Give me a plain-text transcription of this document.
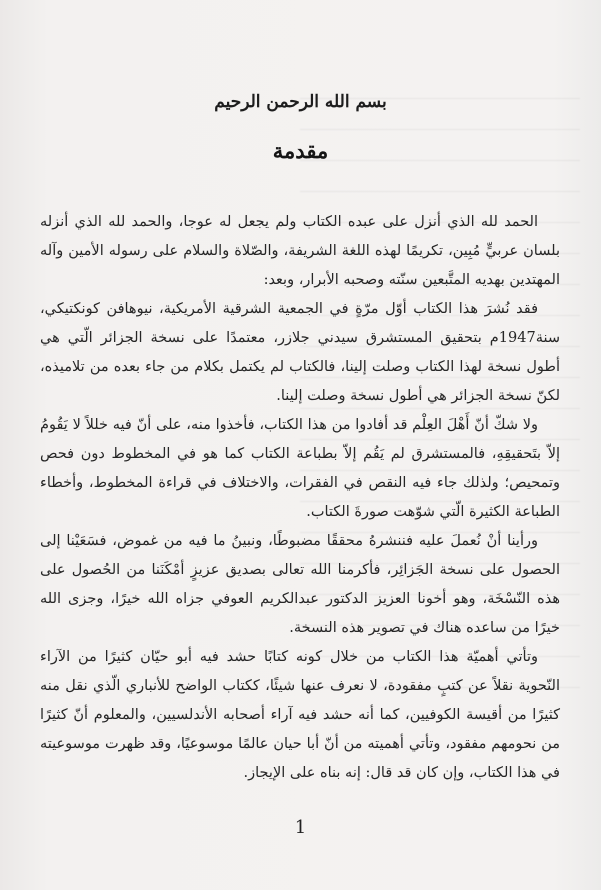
بسم الله الرحمن الرحيم
مقدمة

الحمد لله الذي أنزل على عبده الكتاب ولم يجعل له عوجا، والحمد لله الذي أنزله بلسان عربيٍّ مُبِين، تكريمًا لهذه اللغة الشريفة، والصّلاة والسلام على رسوله الأمين وآله المهتدين بهديه المتَّبعين سنّته وصحبه الأبرار، وبعد:

فقد نُشرَ هذا الكتاب أوّل مرّةٍ في الجمعية الشرقية الأمريكية، نيوهافن كونكتيكي، سنة1947م بتحقيق المستشرق سيدني جلازر، معتمدًا على نسخة الجزائر الّتي هي أطول نسخة لهذا الكتاب وصلت إلينا، فالكتاب لم يكتمل بكلام من جاء بعده من تلاميذه، لكنّ نسخة الجزائر هي أطول نسخة وصلت إلينا.

ولا شكّ أنّ أَهْلَ العِلْم قد أفادوا من هذا الكتاب، فأخذوا منه، على أنّ فيه خللاً لا يَقُومُ إلاّ بتَحقيقِهِ، فالمستشرق لم يَقُم إلاّ بطباعة الكتاب كما هو في المخطوط دون فحص وتمحيص؛ ولذلك جاء فيه النقص في الفقرات، والاختلاف في قراءة المخطوط، وأخطاء الطباعة الكثيرة الّتي شوّهت صورةَ الكتاب.

ورأينا أنْ نُعملَ عليه فننشرهُ محققًا مضبوطًا، ونبينُ ما فيه من غموض، فسَعَيْنا إلى الحصول على نسخة الجَزائِر، فأكرمنا الله تعالى بصديق عزيزٍ أمْكَنَنا من الحُصول على هذه النّسْخَة، وهو أخونا العزيز الدكتور عبدالكريم العوفي جزاه الله خيرًا، وجزى الله خيرًا من ساعده هناك في تصوير هذه النسخة.

وتأتي أهميّة هذا الكتاب من خلال كونه كتابًا حشد فيه أبو حيّان كثيرًا من الآراء النّحوية نقلاً عن كتبٍ مفقودة، لا نعرف عنها شيئًا، ككتاب الواضح للأنباري الّذي نقل منه كثيرًا من أقيسة الكوفيين، كما أنه حشد فيه آراء أصحابه الأندلسيين، والمعلوم أنّ كثيرًا من نحومهم مفقود، وتأتي أهميته من أنّ أبا حيان عالمًا موسوعيًا، وقد ظهرت موسوعيته في هذا الكتاب، وإن كان قد قال: إنه بناه على الإيجاز.

1
